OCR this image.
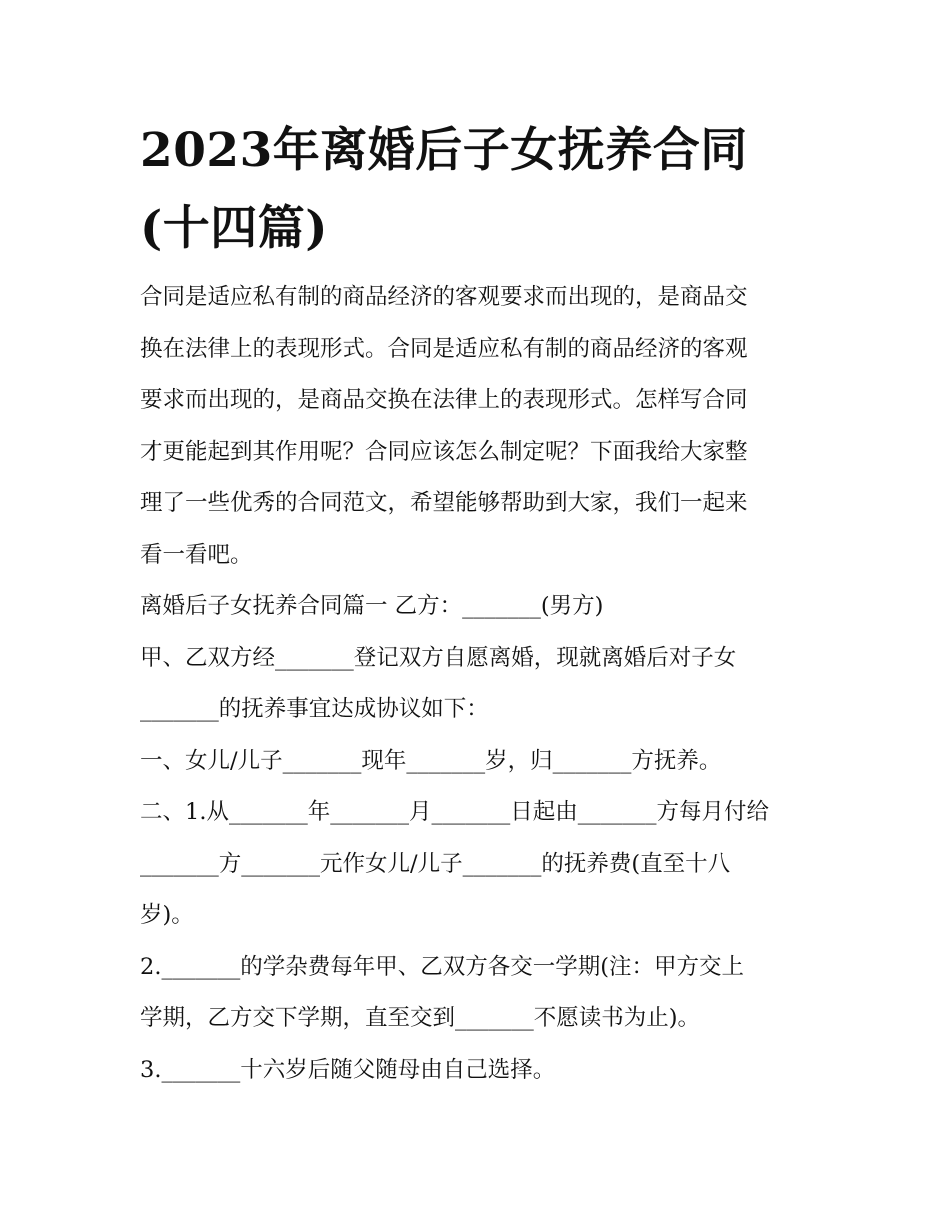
2023年离婚后子女抚养合同
(十四篇)
合同是适应私有制的商品经济的客观要求而出现的，是商品交
换在法律上的表现形式。合同是适应私有制的商品经济的客观
要求而出现的，是商品交换在法律上的表现形式。怎样写合同
才更能起到其作用呢？合同应该怎么制定呢？下面我给大家整
理了一些优秀的合同范文，希望能够帮助到大家，我们一起来
看一看吧。
离婚后子女抚养合同篇一 乙方：_______(男方)
甲、乙双方经_______登记双方自愿离婚，现就离婚后对子女
_______的抚养事宜达成协议如下：
一、女儿/儿子_______现年_______岁，归_______方抚养。
二、1.从_______年_______月_______日起由_______方每月付给
_______方_______元作女儿/儿子_______的抚养费(直至十八
岁)。
2._______的学杂费每年甲、乙双方各交一学期(注：甲方交上
学期，乙方交下学期，直至交到_______不愿读书为止)。
3._______十六岁后随父随母由自己选择。
